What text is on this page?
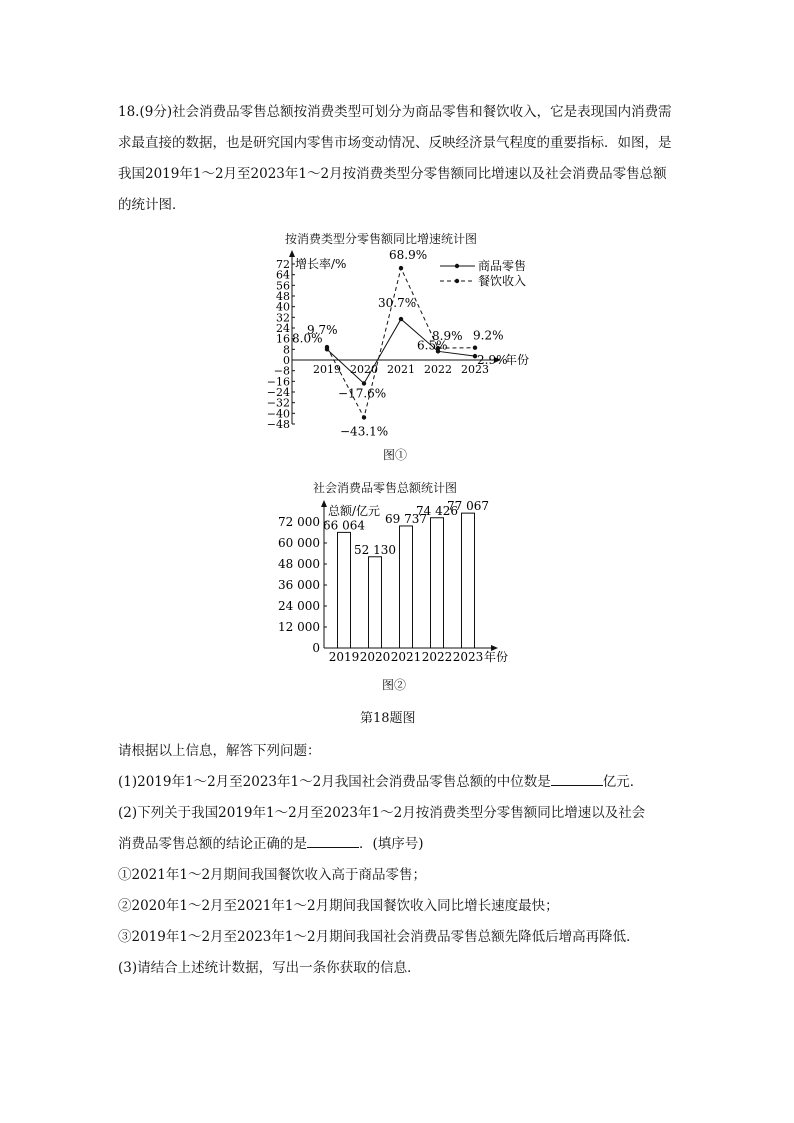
18.(9分)社会消费品零售总额按消费类型可划分为商品零售和餐饮收入，它是表现国内消费需求最直接的数据，也是研究国内零售市场变动情况、反映经济景气程度的重要指标．如图，是我国2019年1～2月至2023年1～2月按消费类型分零售额同比增速以及社会消费品零售总额的统计图．
按消费类型分零售额同比增速统计图
年份
增长率/%
72
64
56
48
40
32
24
16
8
0
−8
−16
−24
−32
−40
−48
2019 2020 2021 2022 2023
8.0%
−17.6%
30.7%
6.5%
2.9%
9.7%
−43.1%
68.9%
8.9% 9.2%
商品零售
餐饮收入
图①
社会消费品零售总额统计图
年份
总额/亿元
0
12 000
24 000
36 000
48 000
60 000
72 000 66 064
2019
52 130
2020
69 737
2021
74 426
2022
77 067
2023
图②
第18题图
请根据以上信息，解答下列问题：
(1)2019年1～2月至2023年1～2月我国社会消费品零售总额的中位数是	亿元．
(2)下列关于我国2019年1～2月至2023年1～2月按消费类型分零售额同比增速以及社会
消费品零售总额的结论正确的是	．(填序号)
①2021年1～2月期间我国餐饮收入高于商品零售；
②2020年1～2月至2021年1～2月期间我国餐饮收入同比增长速度最快；
③2019年1～2月至2023年1～2月期间我国社会消费品零售总额先降低后增高再降低．
(3)请结合上述统计数据，写出一条你获取的信息．
